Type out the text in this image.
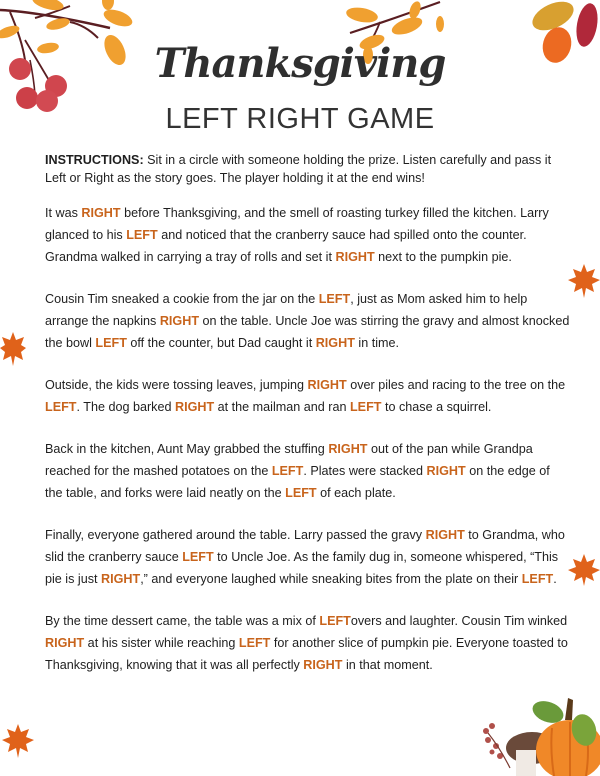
Thanksgiving
LEFT RIGHT GAME

INSTRUCTIONS: Sit in a circle with someone holding the prize. Listen carefully and pass it Left or Right as the story goes. The player holding it at the end wins!

It was RIGHT before Thanksgiving, and the smell of roasting turkey filled the kitchen. Larry glanced to his LEFT and noticed that the cranberry sauce had spilled onto the counter. Grandma walked in carrying a tray of rolls and set it RIGHT next to the pumpkin pie.

Cousin Tim sneaked a cookie from the jar on the LEFT, just as Mom asked him to help arrange the napkins RIGHT on the table. Uncle Joe was stirring the gravy and almost knocked the bowl LEFT off the counter, but Dad caught it RIGHT in time.

Outside, the kids were tossing leaves, jumping RIGHT over piles and racing to the tree on the LEFT. The dog barked RIGHT at the mailman and ran LEFT to chase a squirrel.

Back in the kitchen, Aunt May grabbed the stuffing RIGHT out of the pan while Grandpa reached for the mashed potatoes on the LEFT. Plates were stacked RIGHT on the edge of the table, and forks were laid neatly on the LEFT of each plate.

Finally, everyone gathered around the table. Larry passed the gravy RIGHT to Grandma, who slid the cranberry sauce LEFT to Uncle Joe. As the family dug in, someone whispered, “This pie is just RIGHT,” and everyone laughed while sneaking bites from the plate on their LEFT.

By the time dessert came, the table was a mix of LEFTovers and laughter. Cousin Tim winked RIGHT at his sister while reaching LEFT for another slice of pumpkin pie. Everyone toasted to Thanksgiving, knowing that it was all perfectly RIGHT in that moment.
